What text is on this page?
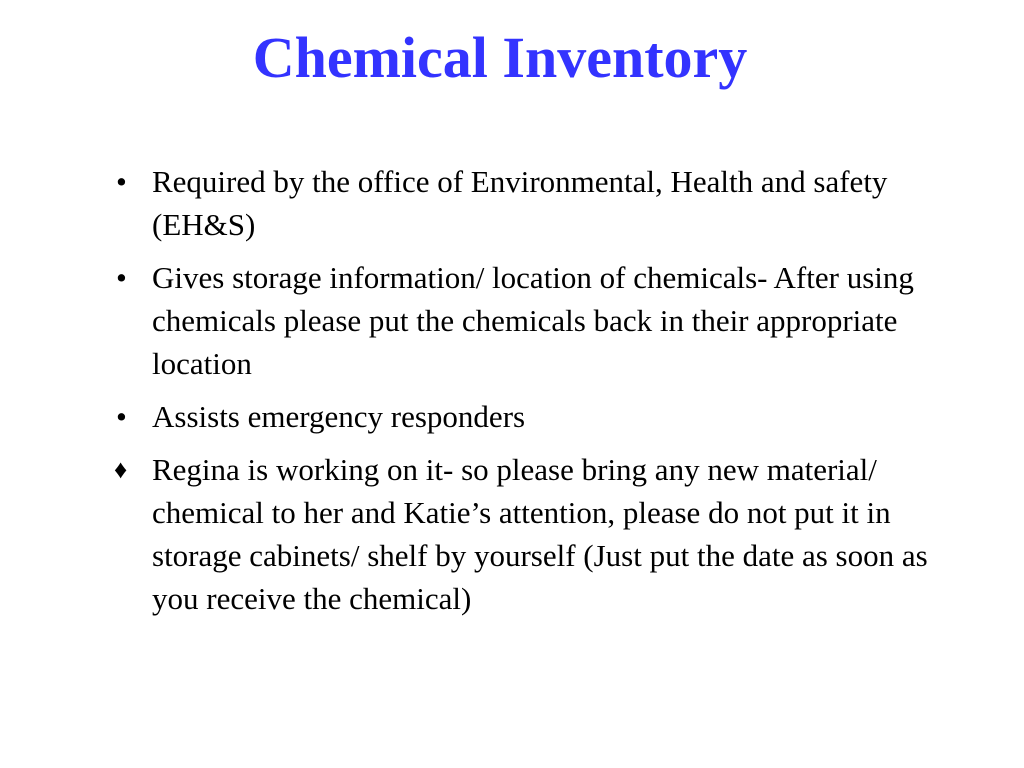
Chemical Inventory
• Required by the office of Environmental, Health and safety (EH&S)
• Gives storage information/ location of chemicals- After using chemicals please put the chemicals back in their appropriate location
• Assists emergency responders
♦ Regina is working on it- so please bring any new material/ chemical to her and Katie’s attention, please do not put it in storage cabinets/ shelf by yourself (Just put the date as soon as you receive the chemical)
